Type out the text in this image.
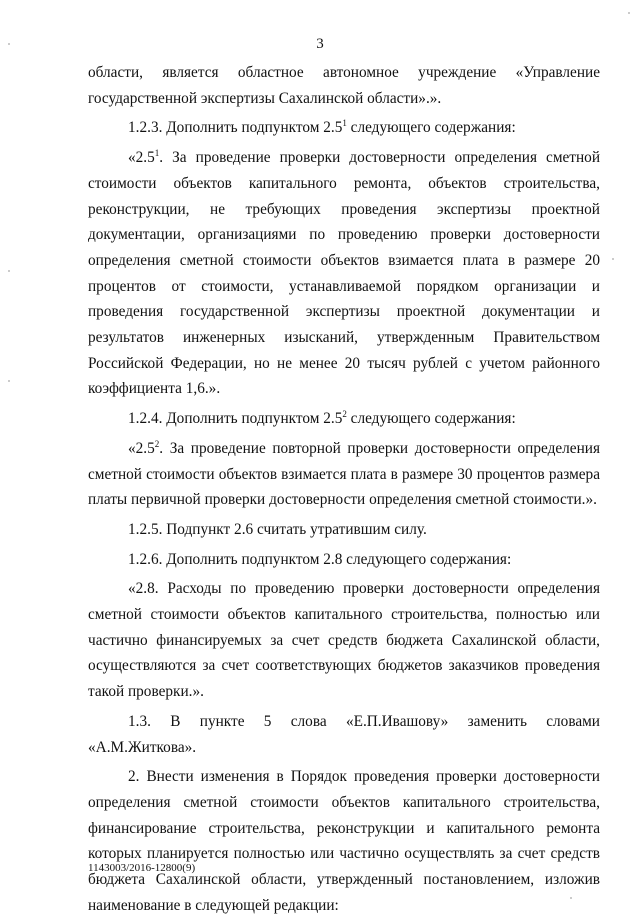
3

области, является областное автономное учреждение «Управление государственной экспертизы Сахалинской области».».

1.2.3. Дополнить подпунктом $2.5^1$ следующего содержания:

«$2.5^1$. За проведение проверки достоверности определения сметной стоимости объектов капитального ремонта, объектов строительства, реконструкции, не требующих проведения экспертизы проектной документации, организациями по проведению проверки достоверности определения сметной стоимости объектов взимается плата в размере 20 процентов от стоимости, устанавливаемой порядком организации и проведения государственной экспертизы проектной документации и результатов инженерных изысканий, утвержденным Правительством Российской Федерации, но не менее 20 тысяч рублей с учетом районного коэффициента 1,6.».

1.2.4. Дополнить подпунктом $2.5^2$ следующего содержания:

«$2.5^2$. За проведение повторной проверки достоверности определения сметной стоимости объектов взимается плата в размере 30 процентов размера платы первичной проверки достоверности определения сметной стоимости.».

1.2.5. Подпункт 2.6 считать утратившим силу.

1.2.6. Дополнить подпунктом 2.8 следующего содержания:

«2.8. Расходы по проведению проверки достоверности определения сметной стоимости объектов капитального строительства, полностью или частично финансируемых за счет средств бюджета Сахалинской области, осуществляются за счет соответствующих бюджетов заказчиков проведения такой проверки.».

1.3. В пункте 5 слова «Е.П.Ивашову» заменить словами «А.М.Житкова».

2. Внести изменения в Порядок проведения проверки достоверности определения сметной стоимости объектов капитального строительства, финансирование строительства, реконструкции и капитального ремонта которых планируется полностью или частично осуществлять за счет средств бюджета Сахалинской области, утвержденный постановлением, изложив наименование в следующей редакции:

1143003/2016-12800(9)
